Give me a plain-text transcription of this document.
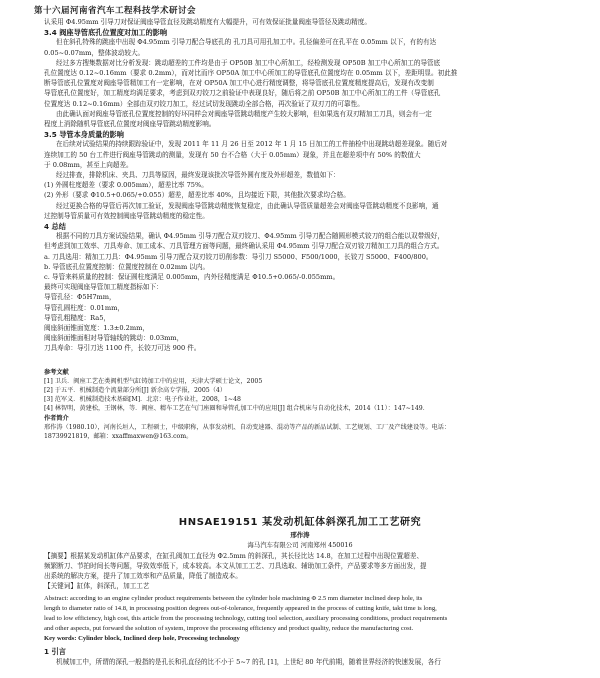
第十六届河南省汽车工程科技学术研讨会
认采用 Φ4.95mm 引导刀对保证阀座导管直径及跳动精度有大幅提升，可有效保证批量阀座导管径及跳动精度。
3.4 阀座导管底孔位置度对加工的影响
但在斜孔特殊的跳座中出现 Φ4.95mm 引导刀配合导底孔的 孔刀具可用孔加工中。孔径偏差可在孔平在 0.05mm 以下，有的有达
0.05~0.07mm，整体波动较大。
经过多方搜集数据对比分析发现：跳动超差的工件均是由于 OP50B 加工中心所加工，经检测发现 OP50B 加工中心所加工的导管底
孔位置度达 0.12~0.16mm（要求 0.2mm），而对比而序 OP50A 加工中心所加工的导管底孔位置度均在 0.05mm 以下，差距明显。初此推
断导管底孔位置度对阀座导管精加工有一定影响，在对 OP50A 加工中心进行精度调整，将导管底孔位置度精度提高后，发现有改变制
导管底孔位置度好，加工精度均满足要求，考虑到双刃铰刀之前验证中表现良好，随后将之前 OP50B 加工中心所加工的工件（导管底孔
位置度达 0.12~0.16mm）全部由双刃铰刀加工，经过试切发现跳动全部合格，再次验证了双刃刀的可靠性。
由此确认面对阀座导管底孔位置度控制的好坏同样会对阀座导管跳动精度产生较大影响，但如果选有双刃精加工刀具，则会有一定
程度上消除随机导管底孔位置度对阀座导管跳动精度影响。
3.5 导管本身质量的影响
在后续对试验结果的持续跟踪验证中，发现 2011 年 11 月 26 日至 2012 年 1 月 15 日加工的工件抽检中出现跳动超差现象。随后对
连续加工的 50 台工件进行阀座导管跳动的测量，发现有 50 台不合格（大于 0.05mm）现象，并且在超差项中有 50% 的数值大
于 0.08mm，甚至上向超差。
经过排查，排除机床、夹具、刀具等原因，最终发现该批次导管外圆有度及外形超差，数值如下：
(1) 外圆柱度超差（要求 0.005mm），超差比率 75%。
(2) 外形（要求 Φ10.5+0.065/+0.055）超差，超差比率 40%，且均接近下限，其他批次要求均合格。
经过更换合格的导管后再次加工验证，发现阀座导管跳动精度恢复稳定，由此确认导管质量超差会对阀座导管跳动精度不良影响，通
过控制导管质量可有效控制阀座导管跳动精度的稳定性。
4 总结
根据不同的刀具方案试验结果，确认 Φ4.95mm 引导刀配合双刃铰刀、Φ4.95mm 引导刀配合随圆形模式铰刀的组合能以双带级好，
但考虑到加工效率、刀具寿命、加工成本、刀具管理方面等问题，最终确认采用 Φ4.95mm 引导刀配合双刃铰刀精加工刀具的组合方式。
a. 刀具选用：精加工刀具：Φ4.95mm 引导刀配合双刃铰刀切削参数：导引刀 S5000、F500/1000，长铰刀 S5000、F400/800。
b. 导管底孔位置度控制：位置度控制在 0.02mm 以内。
c. 导管来料质量的控制：保证圆柱度满足 0.005mm，内外径精度满足 Φ10.5+0.065/-0.055mm。
最终可实现阀座导管加工精度指标如下：
导管孔径：Φ5H7mm，
导管孔圆柱度：0.01mm，
导管孔粗糙度：Ra5，
阀座斜面锥面宽度：1.3±0.2mm，
阀座斜面锥面相对导管轴线的跳动：0.03mm，
刀具寿命：导引刀达 1100 件，长铰刀可达 900 件。
参考文献
[1] 卫兵．阀座工艺在类阀机型气缸铸加工中的应用，天津大学硕士论文，2005
[2] 于五平．机械制造个流量部分所[J] 新余高专学报，2005（4）
[3] 范军义．机械制造技术基础[M]．北京：电子作业社，2008，1~48
[4] 林智明，黄建松，王钢林，等．阀座、精车工艺在气门座圈和导管孔加工中的应用[J] 组合机床与自动化技术，2014（11）：147~149．
作者简介
邢作涛（1980.10），河南长垣人，工程硕士，中级职称，从事发动机、自动变速器、混动等产品的新品试制、工艺规划、工厂及产线建设等。电话：
18739921819，邮箱：xxaffmaxwen@163.com。
HNSAE19151 某发动机缸体斜深孔加工工艺研究
邢作涛
海马汽车有限公司 河南郑州 450016
【摘要】根据某发动机缸体产品要求，在缸孔阀加工直径为 Φ2.5mm 的斜深孔，其长径比达 14.8，在加工过程中出现位置超差、
频繁断刀、节拍时间长等问题，导致效率低下，成本较高。本文从加工工艺、刀具选取、辅助加工条件，产品要求等多方面出发，提
出系统的解决方案，提升了加工效率和产品质量，降低了制造成本。
【关键词】缸体，斜深孔，加工工艺
Abstract: according to an engine cylinder product requirements between the cylinder hole machining Φ 2.5 mm diameter inclined deep hole, its
length to diameter ratio of 14.8, in processing position degrees out-of-tolerance, frequently appeared in the process of cutting knife, takt time is long,
lead to low efficiency, high cost, this article from the processing technology, cutting tool selection, auxiliary processing conditions, product requirements
and other aspects, put forward the solution of system, improve the processing efficiency and product quality, reduce the manufacturing cost.
Key words: Cylinder block, Inclined deep hole, Processing technology
1 引言
机械加工中，所谓的深孔一般指的是孔长和孔直径的比不小于 5~7 的孔 [1]，上世纪 80 年代前期，随着世界经济的快速发展，各行
